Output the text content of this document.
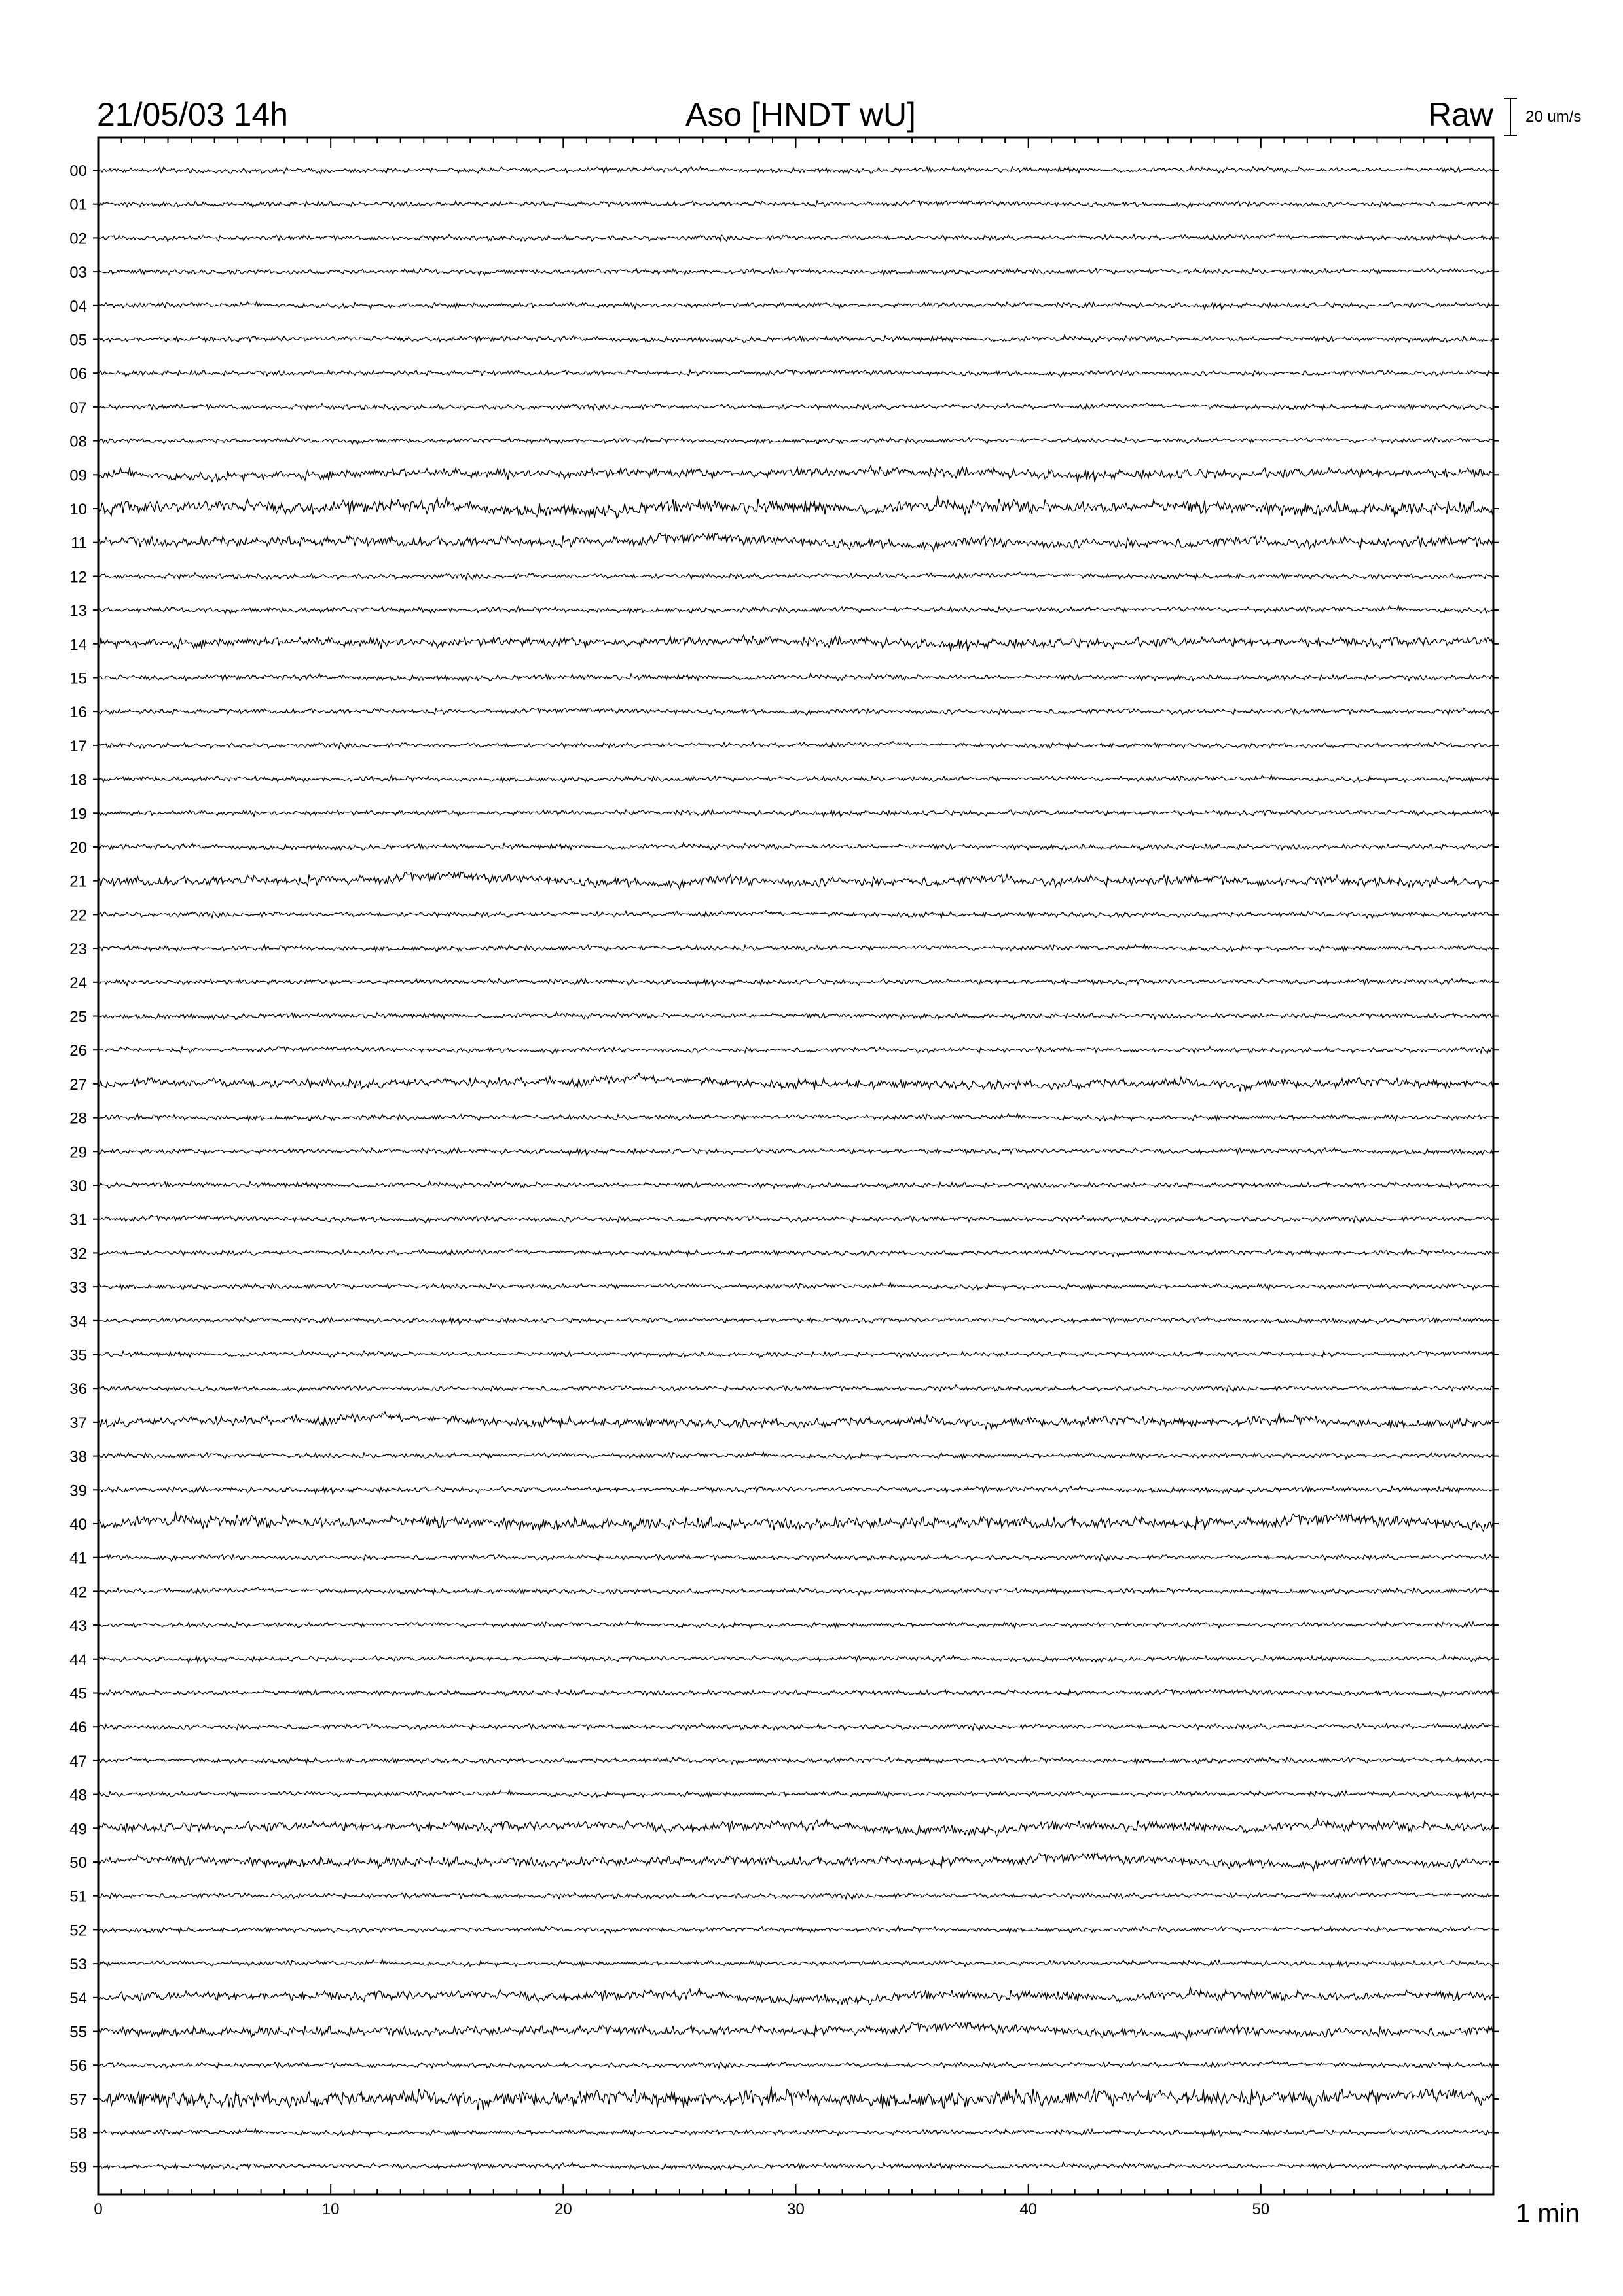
21/05/03 14h	Aso [HNDT wU]	Raw 20 um/s
00
01
02
03
04
05
06
07
08
09
10
11
12
13
14
15
16
17
18
19
20
21
22
23
24
25
26
27
28
29
30
31
32
33
34
35
36
37
38
39
40
41
42
43
44
45
46
47
48
49
50
51
52
53
54
55
56
57
58
59
0	10	20	30	40	50	1 min
